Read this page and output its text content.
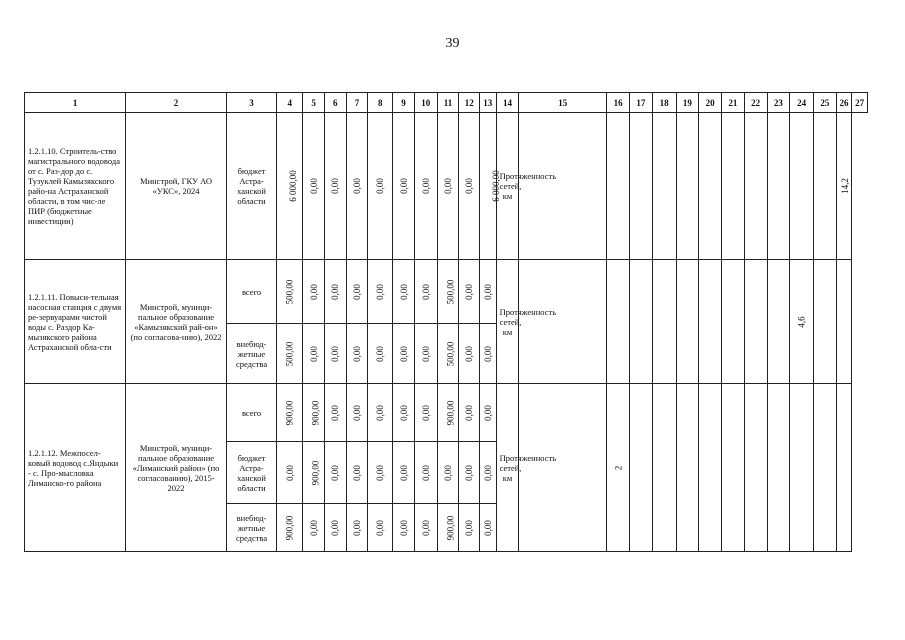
39
1	2	3	4	5	6	7	8	9	10	11	12	13	14	15	16	17	18	19	20	21	22	23	24	25	26	27
1.2.1.10. Строитель-ство магистрального водовода от с. Раз-дор до с. Тузуклей Камызякского райо-на Астраханской области, в том чис-ле ПИР (бюджетные инвестиции)	Минстрой, ГКУ АО «УКС», 2024	бюджет Астра-ханской области	6 000,00	0,00	0,00	0,00	0,00	0,00	0,00	0,00	0,00	6 000,00	Протяженность сетей, км												14,2	
1.2.1.11. Повыси-тельная насосная станция с двумя ре-зервуарами чистой воды с. Раздор Ка-мызякского района Астраханской обла-сти	Минстрой, муници-пальное образование «Камызякский рай-он» (по согласова-нию), 2022	всего	500,00	0,00	0,00	0,00	0,00	0,00	0,00	500,00	0,00	0,00	Протяженность сетей, км										4,6			
		внебюд-жетные средства	500,00	0,00	0,00	0,00	0,00	0,00	0,00	500,00	0,00	0,00														
1.2.1.12. Межпосел-ковый водовод с.Яндыки - с. Про-мысловка Лиманско-го района	Минстрой, муници-пальное образование «Лиманский район» (по согласованию), 2015-2022	всего	900,00	900,00	0,00	0,00	0,00	0,00	0,00	900,00	0,00	0,00	Протяженность сетей, км		2											
		бюджет Астра-ханской области	0,00	900,00	0,00	0,00	0,00	0,00	0,00	0,00	0,00	0,00														
		внебюд-жетные средства	900,00	0,00	0,00	0,00	0,00	0,00	0,00	900,00	0,00	0,00														
